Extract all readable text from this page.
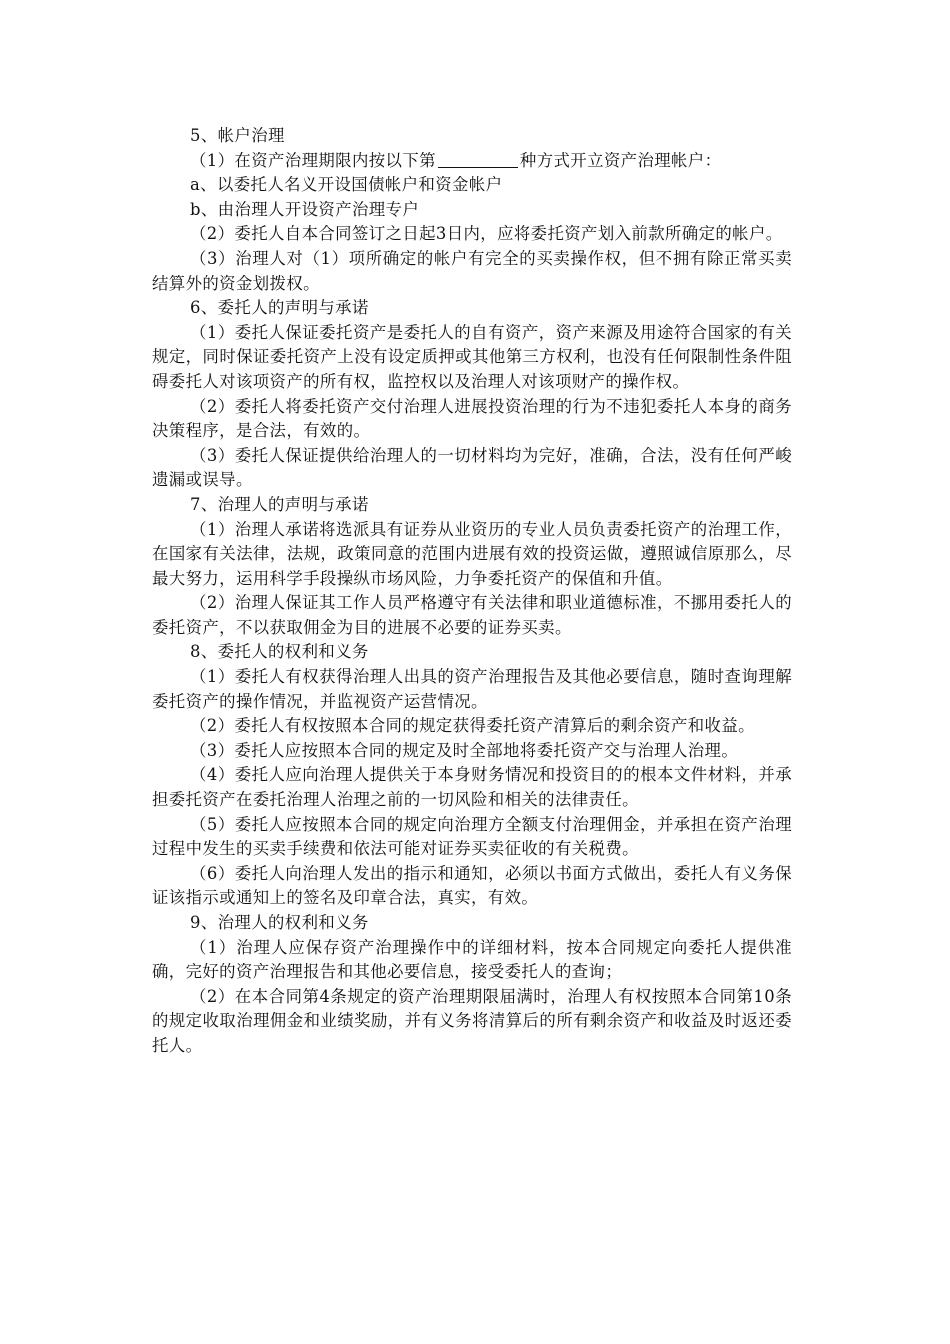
5、帐户治理

（1）在资产治理期限内按以下第	种方式开立资产治理帐户：

a、以委托人名义开设国债帐户和资金帐户

b、由治理人开设资产治理专户

（2）委托人自本合同签订之日起3日内，应将委托资产划入前款所确定的帐户。

（3）治理人对（1）项所确定的帐户有完全的买卖操作权，但不拥有除正常买卖结算外的资金划拨权。

6、委托人的声明与承诺

（1）委托人保证委托资产是委托人的自有资产，资产来源及用途符合国家的有关规定，同时保证委托资产上没有设定质押或其他第三方权利，也没有任何限制性条件阻碍委托人对该项资产的所有权，监控权以及治理人对该项财产的操作权。

（2）委托人将委托资产交付治理人进展投资治理的行为不违犯委托人本身的商务决策程序，是合法，有效的。

（3）委托人保证提供给治理人的一切材料均为完好，准确，合法，没有任何严峻遗漏或误导。

7、治理人的声明与承诺

（1）治理人承诺将选派具有证券从业资历的专业人员负责委托资产的治理工作，在国家有关法律，法规，政策同意的范围内进展有效的投资运做，遵照诚信原那么，尽最大努力，运用科学手段操纵市场风险，力争委托资产的保值和升值。

（2）治理人保证其工作人员严格遵守有关法律和职业道德标准，不挪用委托人的委托资产，不以获取佣金为目的进展不必要的证券买卖。

8、委托人的权利和义务

（1）委托人有权获得治理人出具的资产治理报告及其他必要信息，随时查询理解委托资产的操作情况，并监视资产运营情况。

（2）委托人有权按照本合同的规定获得委托资产清算后的剩余资产和收益。

（3）委托人应按照本合同的规定及时全部地将委托资产交与治理人治理。

（4）委托人应向治理人提供关于本身财务情况和投资目的的根本文件材料，并承担委托资产在委托治理人治理之前的一切风险和相关的法律责任。

（5）委托人应按照本合同的规定向治理方全额支付治理佣金，并承担在资产治理过程中发生的买卖手续费和依法可能对证券买卖征收的有关税费。

（6）委托人向治理人发出的指示和通知，必须以书面方式做出，委托人有义务保证该指示或通知上的签名及印章合法，真实，有效。

9、治理人的权利和义务

（1）治理人应保存资产治理操作中的详细材料，按本合同规定向委托人提供准确，完好的资产治理报告和其他必要信息，接受委托人的查询；

（2）在本合同第4条规定的资产治理期限届满时，治理人有权按照本合同第10条的规定收取治理佣金和业绩奖励，并有义务将清算后的所有剩余资产和收益及时返还委托人。
